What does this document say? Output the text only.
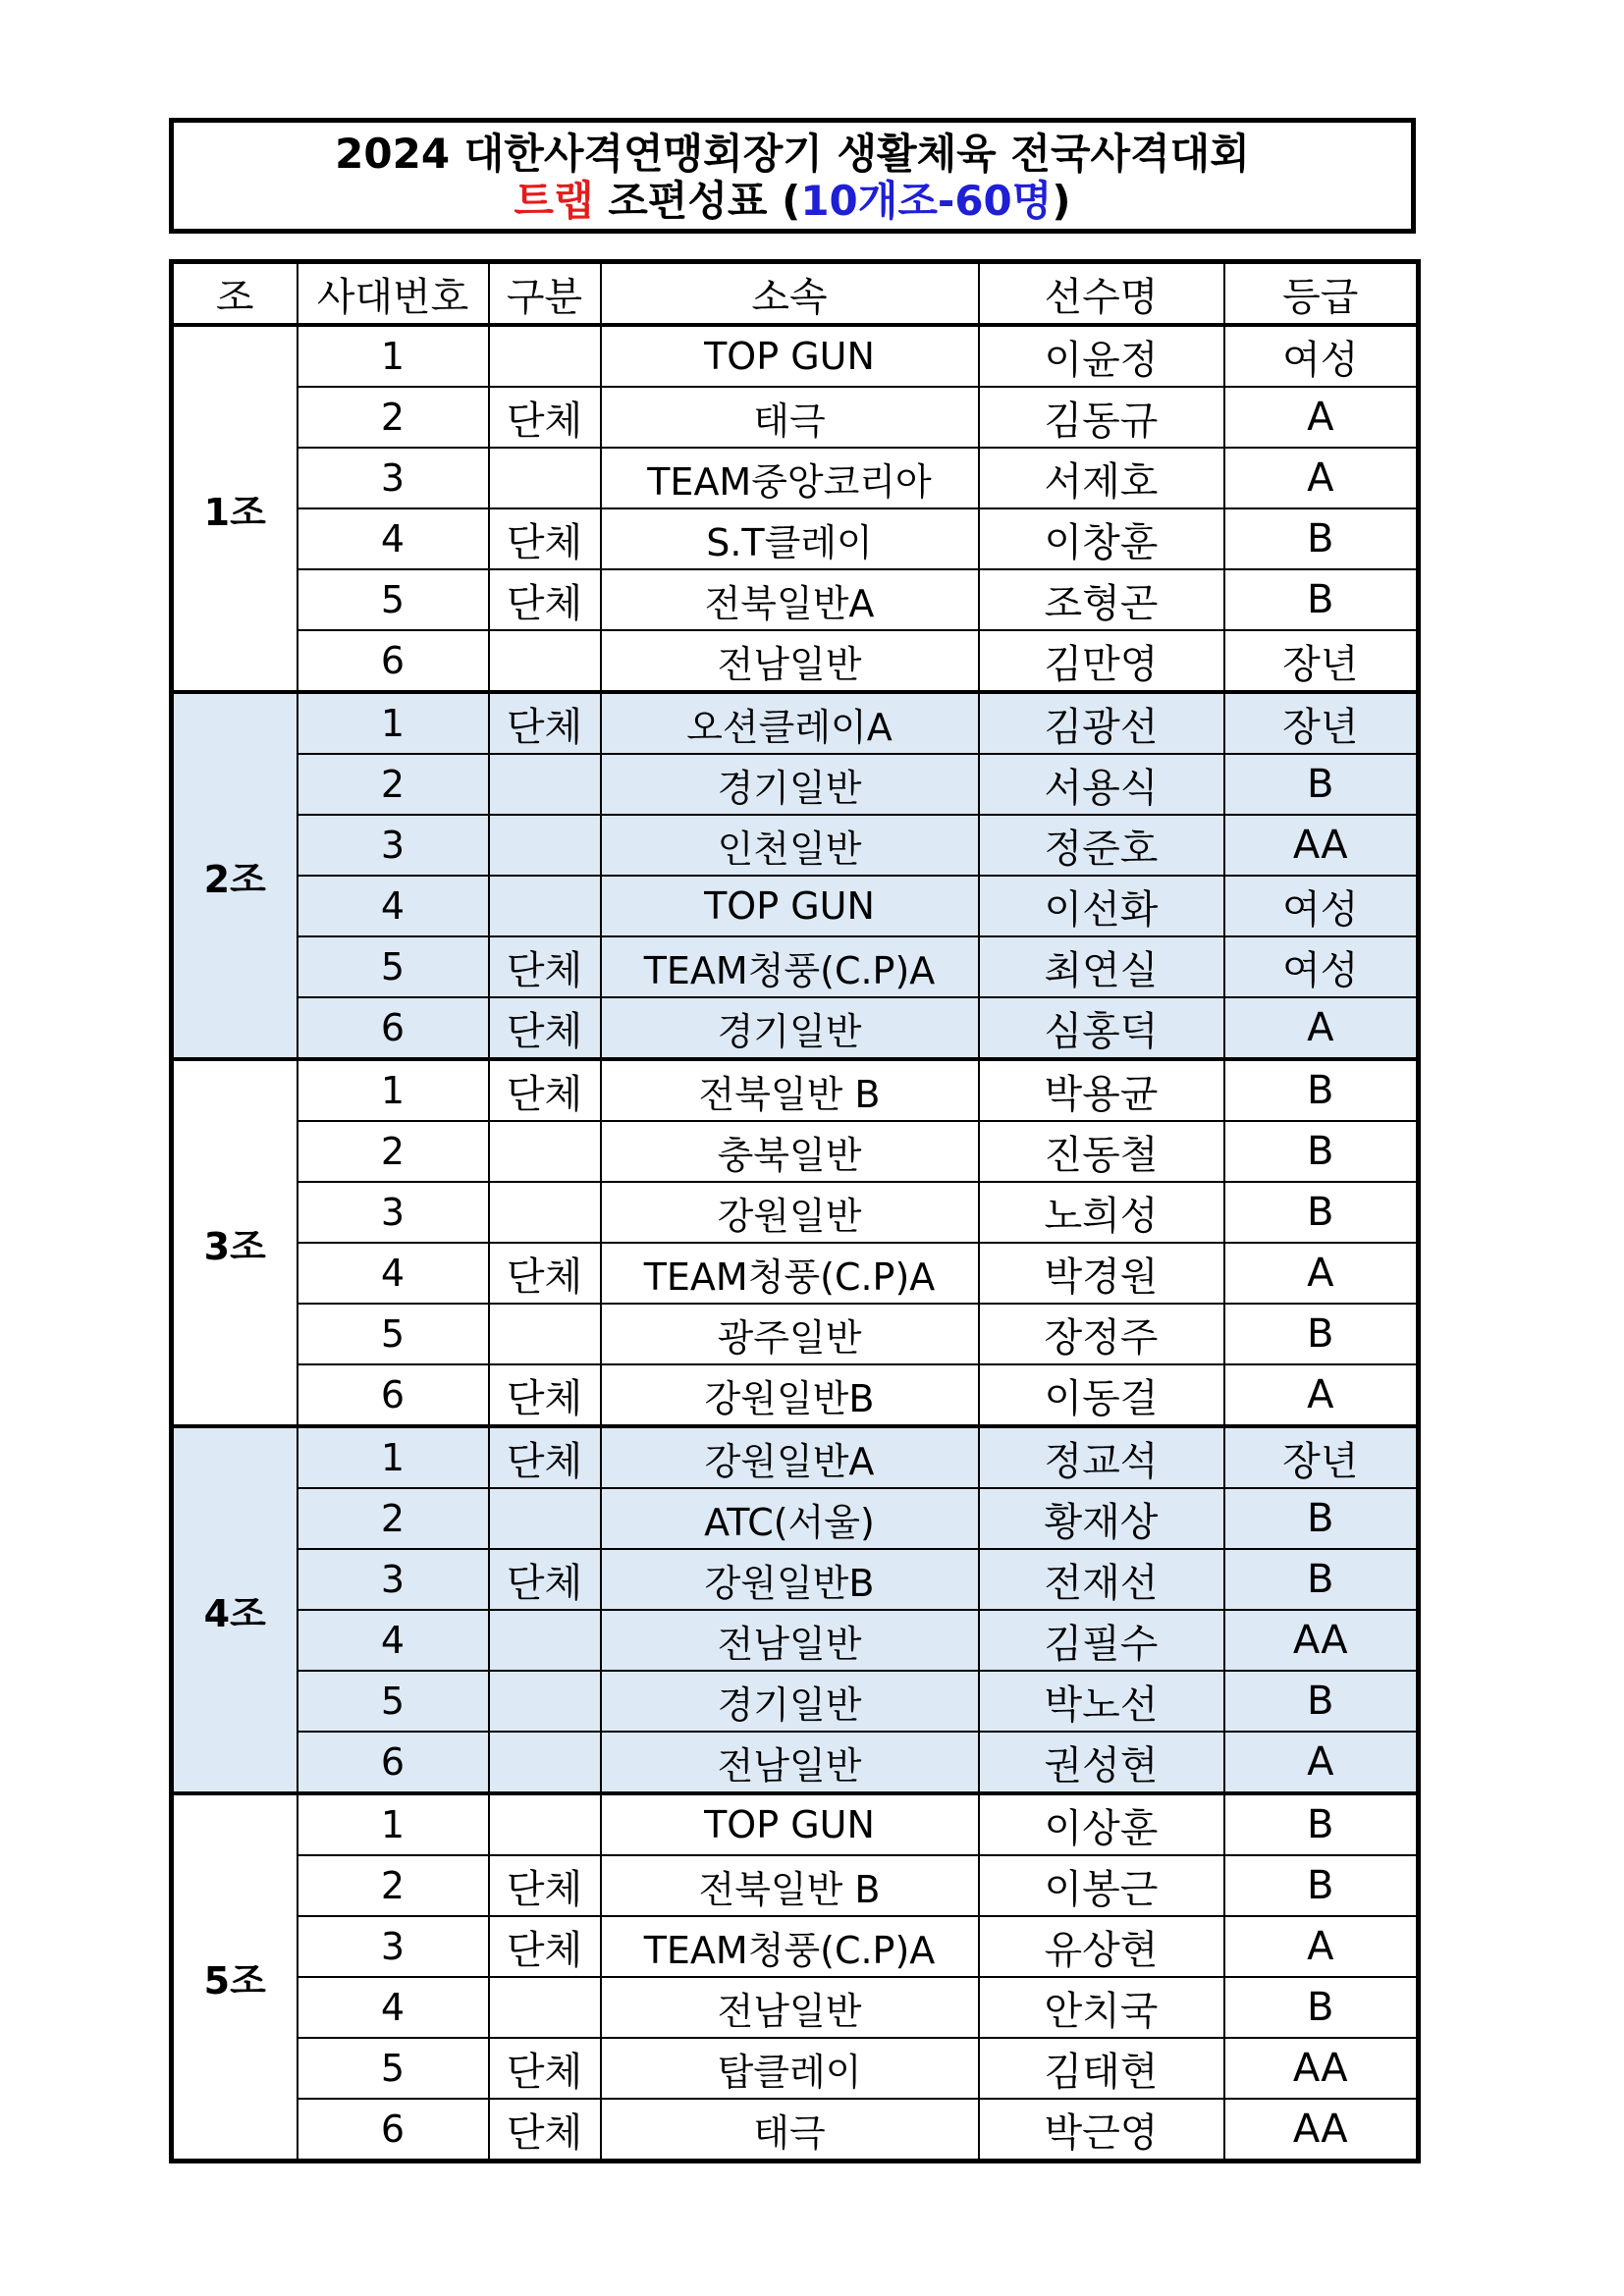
2024 대한사격연맹회장기 생활체육 전국사격대회
트랩 조편성표 (10개조-60명)
조	사대번호	구분	소속	선수명	등급
1조	1		TOP GUN	이윤정	여성
	2	단체	태극	김동규	A
	3		TEAM중앙코리아	서제호	A
	4	단체	S.T클레이	이창훈	B
	5	단체	전북일반A	조형곤	B
	6		전남일반	김만영	장년
2조	1	단체	오션클레이A	김광선	장년
	2		경기일반	서용식	B
	3		인천일반	정준호	AA
	4		TOP GUN	이선화	여성
	5	단체	TEAM청풍(C.P)A	최연실	여성
	6	단체	경기일반	심홍덕	A
3조	1	단체	전북일반 B	박용균	B
	2		충북일반	진동철	B
	3		강원일반	노희성	B
	4	단체	TEAM청풍(C.P)A	박경원	A
	5		광주일반	장정주	B
	6	단체	강원일반B	이동걸	A
4조	1	단체	강원일반A	정교석	장년
	2		ATC(서울)	황재상	B
	3	단체	강원일반B	전재선	B
	4		전남일반	김필수	AA
	5		경기일반	박노선	B
	6		전남일반	권성현	A
5조	1		TOP GUN	이상훈	B
	2	단체	전북일반 B	이봉근	B
	3	단체	TEAM청풍(C.P)A	유상현	A
	4		전남일반	안치국	B
	5	단체	탑클레이	김태현	AA
	6	단체	태극	박근영	AA
